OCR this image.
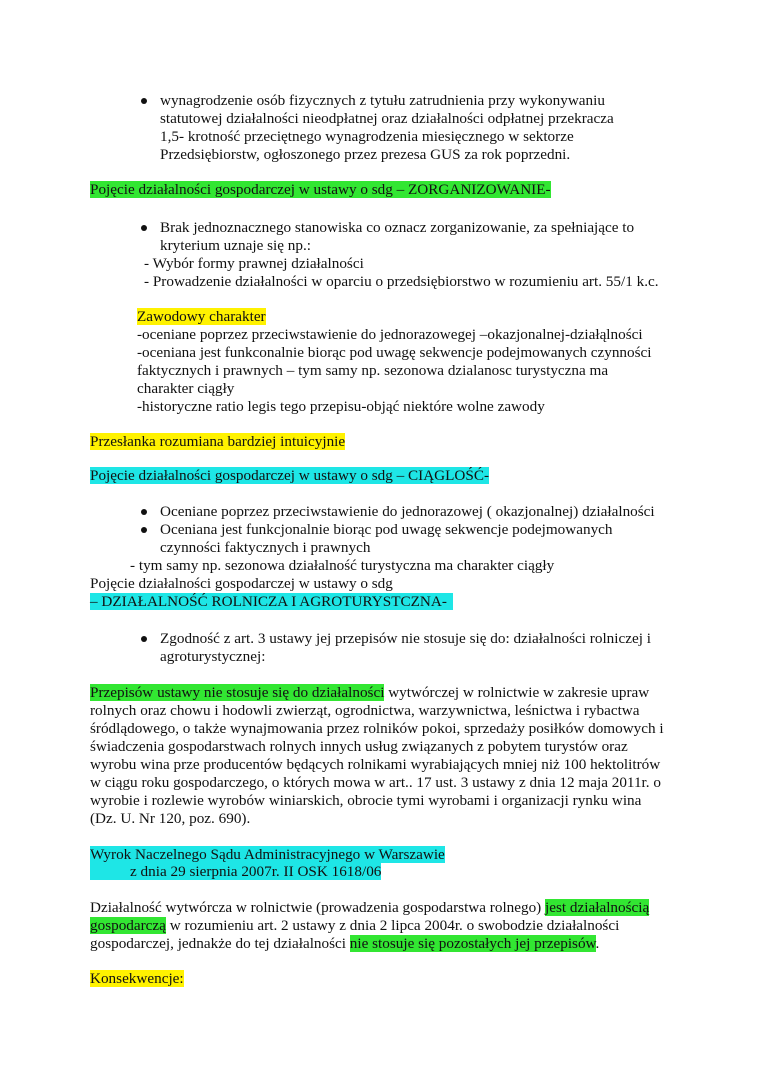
wynagrodzenie osób fizycznych z tytułu zatrudnienia przy wykonywaniu
statutowej działalności nieodpłatnej oraz działalności odpłatnej przekracza
1,5- krotność przeciętnego wynagrodzenia miesięcznego w sektorze
Przedsiębiorstw, ogłoszonego przez prezesa GUS za rok poprzedni.
Pojęcie działalności gospodarczej w ustawy o sdg – ZORGANIZOWANIE-
Brak jednoznacznego stanowiska co oznacz zorganizowanie, za spełniające to
kryterium uznaje się np.:
- Wybór formy prawnej działalności
- Prowadzenie działalności w oparciu o przedsiębiorstwo w rozumieniu art. 55/1 k.c.
Zawodowy charakter
-oceniane poprzez przeciwstawienie do jednorazowegej –okazjonalnej-działąlności
-oceniana jest funkconalnie biorąc pod uwagę sekwencje podejmowanych czynności
faktycznych i prawnych – tym samy np. sezonowa dzialanosc turystyczna ma
charakter ciągły
-historyczne ratio legis tego przepisu-objąć niektóre wolne zawody
Przesłanka rozumiana bardziej intuicyjnie
Pojęcie działalności gospodarczej w ustawy o sdg – CIĄGLOŚĆ-
Oceniane poprzez przeciwstawienie do jednorazowej ( okazjonalnej) działalności
Oceniana jest funkcjonalnie biorąc pod uwagę sekwencje podejmowanych
czynności faktycznych i prawnych
- tym samy np. sezonowa działalność turystyczna ma charakter ciągły
Pojęcie działalności gospodarczej w ustawy o sdg
– DZIAŁALNOŚĆ ROLNICZA I AGROTURYSTCZNA-
Zgodność z art. 3 ustawy jej przepisów nie stosuje się do: działalności rolniczej i
agroturystycznej:
Przepisów ustawy nie stosuje się do działalności wytwórczej w rolnictwie w zakresie upraw
rolnych oraz chowu i hodowli zwierząt, ogrodnictwa, warzywnictwa, leśnictwa i rybactwa
śródlądowego, o także wynajmowania przez rolników pokoi, sprzedaży posiłków domowych i
świadczenia gospodarstwach rolnych innych usług związanych z pobytem turystów oraz
wyrobu wina prze producentów będących rolnikami wyrabiających mniej niż 100 hektolitrów
w ciągu roku gospodarczego, o których mowa w art.. 17 ust. 3 ustawy z dnia 12 maja 2011r. o
wyrobie i rozlewie wyrobów winiarskich, obrocie tymi wyrobami i organizacji rynku wina
(Dz. U. Nr 120, poz. 690).
Wyrok Naczelnego Sądu Administracyjnego w Warszawie
z dnia 29 sierpnia 2007r. II OSK 1618/06
Działalność wytwórcza w rolnictwie (prowadzenia gospodarstwa rolnego) jest działalnością
gospodarczą w rozumieniu art. 2 ustawy z dnia 2 lipca 2004r. o swobodzie działalności
gospodarczej, jednakże do tej działalności nie stosuje się pozostałych jej przepisów.
Konsekwencje:
